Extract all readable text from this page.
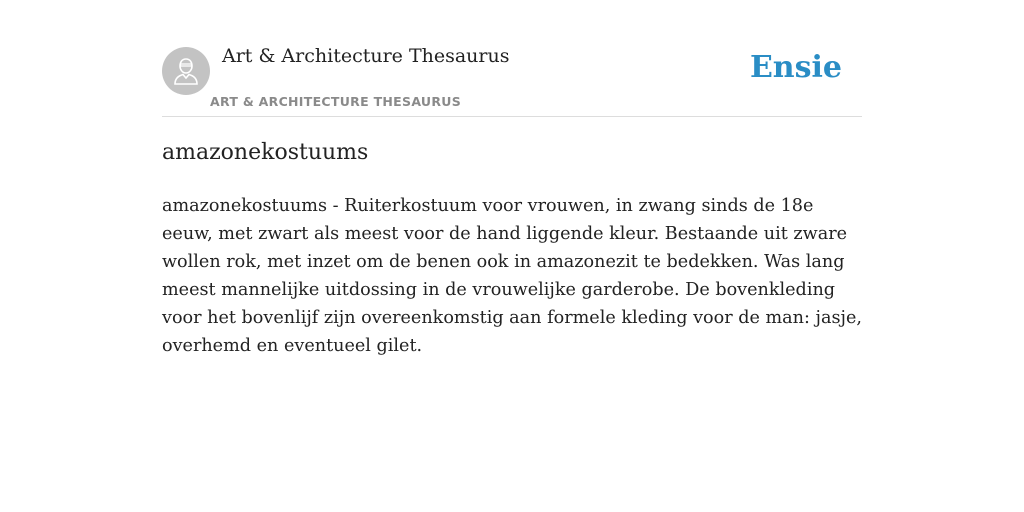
Art & Architecture Thesaurus
ART & ARCHITECTURE THESAURUS
Ensie
amazonekostuums

amazonekostuums - Ruiterkostuum voor vrouwen, in zwang sinds de 18e eeuw, met zwart als meest voor de hand liggende kleur. Bestaande uit zware wollen rok, met inzet om de benen ook in amazonezit te bedekken. Was lang meest mannelijke uitdossing in de vrouwelijke garderobe. De bovenkleding voor het bovenlijf zijn overeenkomstig aan formele kleding voor de man: jasje, overhemd en eventueel gilet.
